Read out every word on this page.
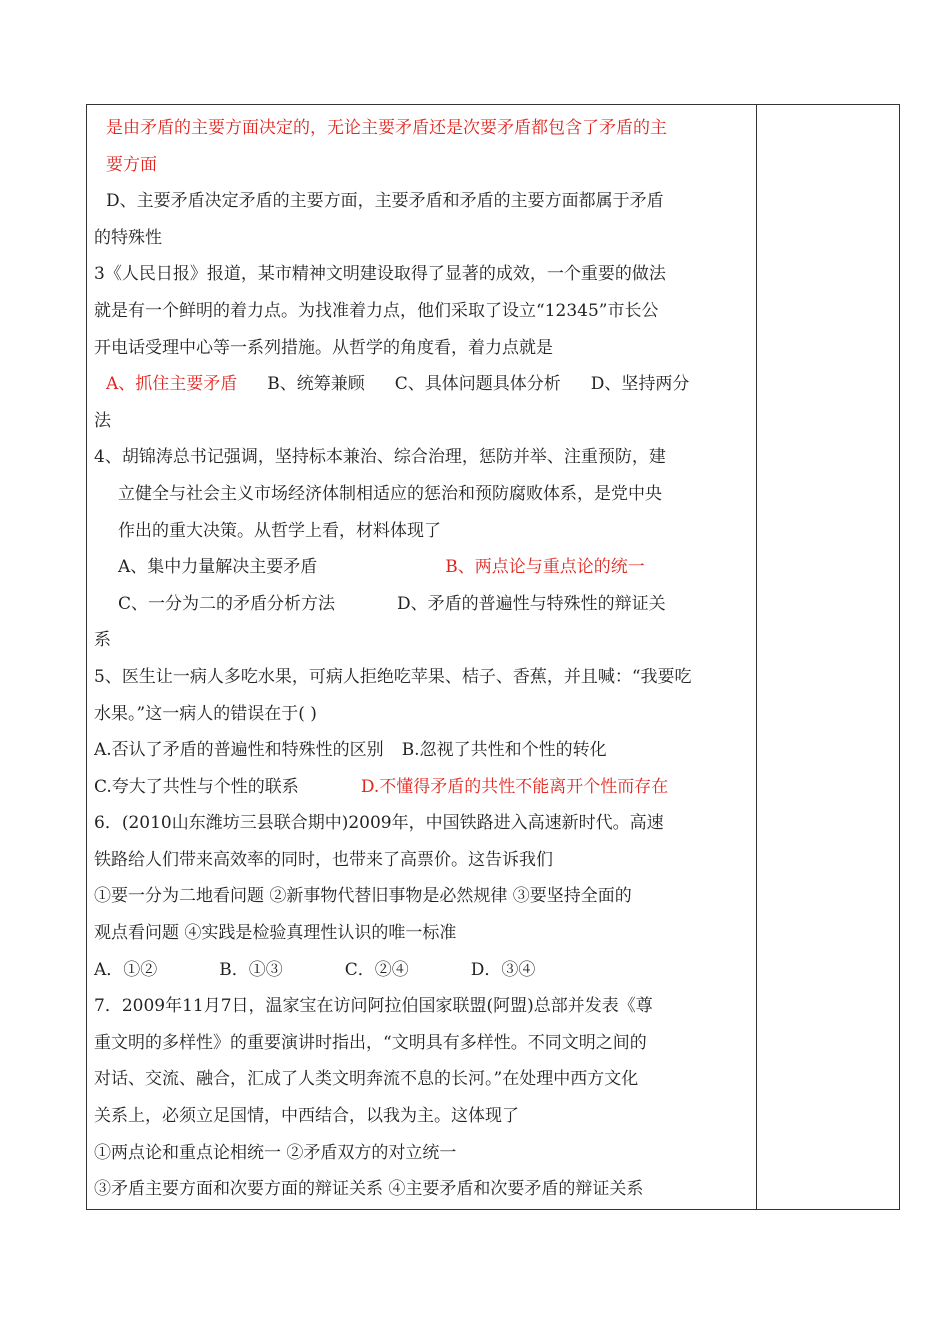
是由矛盾的主要方面决定的，无论主要矛盾还是次要矛盾都包含了矛盾的主
要方面
D、主要矛盾决定矛盾的主要方面，主要矛盾和矛盾的主要方面都属于矛盾
的特殊性
3《人民日报》报道，某市精神文明建设取得了显著的成效，一个重要的做法
就是有一个鲜明的着力点。为找准着力点，他们采取了设立“12345”市长公
开电话受理中心等一系列措施。从哲学的角度看，着力点就是
A、抓住主要矛盾 B、统筹兼顾 C、具体问题具体分析 D、坚持两分
法
4、胡锦涛总书记强调，坚持标本兼治、综合治理，惩防并举、注重预防，建
立健全与社会主义市场经济体制相适应的惩治和预防腐败体系，是党中央
作出的重大决策。从哲学上看，材料体现了
A、集中力量解决主要矛盾	B、两点论与重点论的统一
C、一分为二的矛盾分析方法	D、矛盾的普遍性与特殊性的辩证关
系
5、医生让一病人多吃水果，可病人拒绝吃苹果、桔子、香蕉，并且喊：“我要吃
水果。”这一病人的错误在于( )
A.否认了矛盾的普遍性和特殊性的区别 B.忽视了共性和个性的转化
C.夸大了共性与个性的联系	D.不懂得矛盾的共性不能离开个性而存在
6．(2010山东潍坊三县联合期中)2009年，中国铁路进入高速新时代。高速
铁路给人们带来高效率的同时，也带来了高票价。这告诉我们
①要一分为二地看问题 ②新事物代替旧事物是必然规律 ③要坚持全面的
观点看问题 ④实践是检验真理性认识的唯一标准
A．①②	B．①③	C．②④	D．③④
7．2009年11月7日，温家宝在访问阿拉伯国家联盟(阿盟)总部并发表《尊
重文明的多样性》的重要演讲时指出，“文明具有多样性。不同文明之间的
对话、交流、融合，汇成了人类文明奔流不息的长河。”在处理中西方文化
关系上，必须立足国情，中西结合，以我为主。这体现了
①两点论和重点论相统一 ②矛盾双方的对立统一
③矛盾主要方面和次要方面的辩证关系 ④主要矛盾和次要矛盾的辩证关系
